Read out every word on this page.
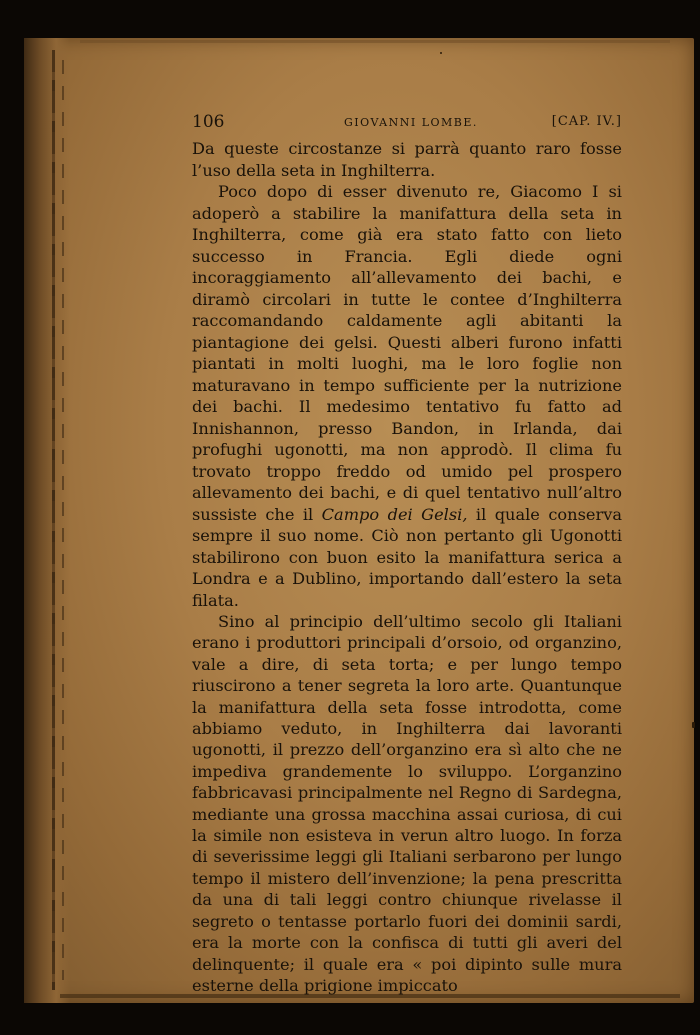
106	GIOVANNI LOMBE.	[CAP. IV.]

Da queste circostanze si parrà quanto raro fosse l’uso della seta in Inghilterra.

Poco dopo di esser divenuto re, Giacomo I si adoperò a stabilire la manifattura della seta in Inghilterra, come già era stato fatto con lieto successo in Francia. Egli diede ogni incoraggiamento all’allevamento dei bachi, e diramò circolari in tutte le contee d’Inghilterra raccomandando caldamente agli abitanti la piantagione dei gelsi. Questi alberi furono infatti piantati in molti luoghi, ma le loro foglie non maturavano in tempo sufficiente per la nutrizione dei bachi. Il medesimo tentativo fu fatto ad Innishannon, presso Bandon, in Irlanda, dai profughi ugonotti, ma non approdò. Il clima fu trovato troppo freddo od umido pel prospero allevamento dei bachi, e di quel tentativo null’altro sussiste che il Campo dei Gelsi, il quale conserva sempre il suo nome. Ciò non pertanto gli Ugonotti stabilirono con buon esito la manifattura serica a Londra e a Dublino, importando dall’estero la seta filata.

Sino al principio dell’ultimo secolo gli Italiani erano i produttori principali d’orsoio, od organzino, vale a dire, di seta torta; e per lungo tempo riuscirono a tener segreta la loro arte. Quantunque la manifattura della seta fosse introdotta, come abbiamo veduto, in Inghilterra dai lavoranti ugonotti, il prezzo dell’organzino era sì alto che ne impediva grandemente lo sviluppo. L’organzino fabbricavasi principalmente nel Regno di Sardegna, mediante una grossa macchina assai curiosa, di cui la simile non esisteva in verun altro luogo. In forza di severissime leggi gli Italiani serbarono per lungo tempo il mistero dell’invenzione; la pena prescritta da una di tali leggi contro chiunque rivelasse il segreto o tentasse portarlo fuori dei dominii sardi, era la morte con la confisca di tutti gli averi del delinquente; il quale era « poi dipinto sulle mura esterne della prigione impiccato
